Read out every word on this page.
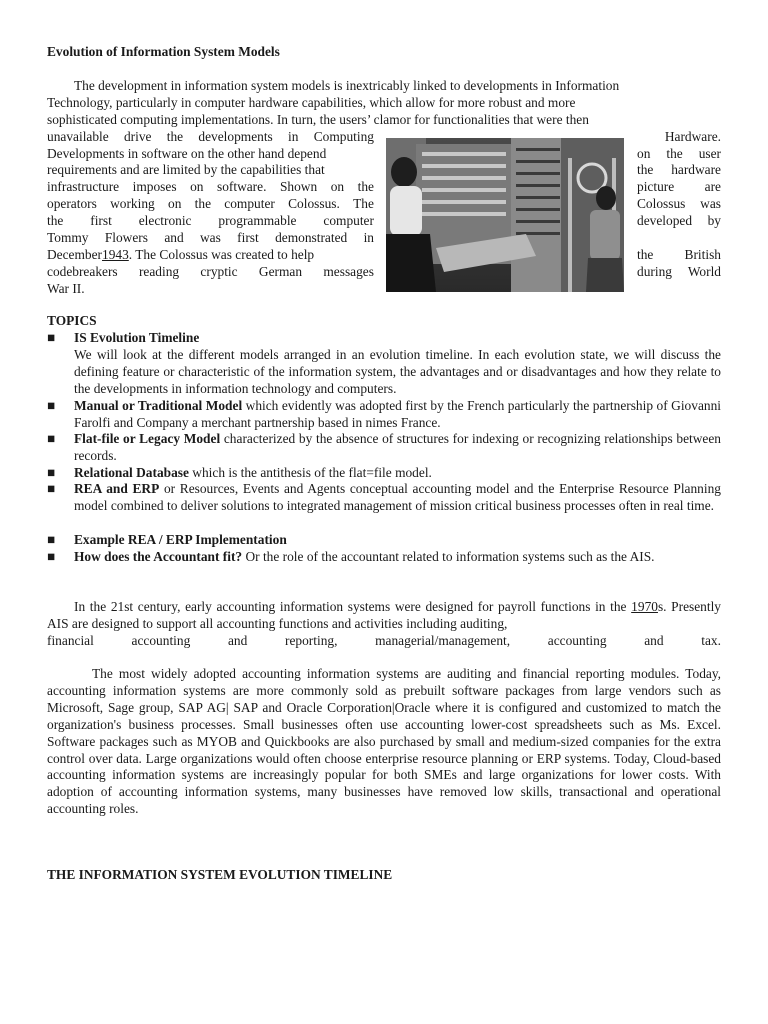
Evolution of Information System Models

The development in information system models is inextricably linked to developments in Information

Technology, particularly in computer hardware capabilities, which allow for more robust and more

sophisticated computing implementations. In turn, the users’ clamor for functionalities that were then

unavailable drive the developments in Computing
Developments in software on the other hand depend
requirements and are limited by the capabilities that
infrastructure imposes on software. Shown on the
operators working on the computer Colossus. The
the first electronic programmable computer
Tommy Flowers and was first demonstrated in
December 1943 . The Colossus was created to help
codebreakers reading cryptic German messages
War II.
Hardware.
on the user
the hardware
picture are
Colossus was
developed by
the British
during World
TOPICS
■ IS Evolution Timeline
We will look at the different models arranged in an evolution timeline. In each evolution state, we will discuss the defining feature or characteristic of the information system, the advantages and or disadvantages and how they relate to the developments in information technology and computers.
■ Manual or Traditional Model which evidently was adopted first by the French particularly the partnership of Giovanni Farolfi and Company a merchant partnership based in nimes France.
■ Flat-file or Legacy Model characterized by the absence of structures for indexing or recognizing relationships between records.
■ Relational Database which is the antithesis of the flat=file model.
■ REA and ERP or Resources, Events and Agents conceptual accounting model and the Enterprise Resource Planning model combined to deliver solutions to integrated management of mission critical business processes often in real time.
■ Example REA / ERP Implementation
■ How does the Accountant fit? Or the role of the accountant related to information systems such as the AIS.

In the 21st century, early accounting information systems were designed for payroll functions in the 1970s. Presently AIS are designed to support all accounting functions and activities including auditing,

financial	accounting	and	reporting,	managerial/management,	accounting	and	tax.

The most widely adopted accounting information systems are auditing and financial reporting modules. Today, accounting information systems are more commonly sold as prebuilt software packages from large vendors such as Microsoft, Sage group, SAP AG| SAP and Oracle Corporation|Oracle where it is configured and customized to match the organization's business processes. Small businesses often use accounting lower-cost spreadsheets such as Ms. Excel. Software packages such as MYOB and Quickbooks are also purchased by small and medium-sized companies for the extra control over data. Large organizations would often choose enterprise resource planning or ERP systems. Today, Cloud-based accounting information systems are increasingly popular for both SMEs and large organizations for lower costs. With adoption of accounting information systems, many businesses have removed low skills, transactional and operational accounting roles.

THE INFORMATION SYSTEM EVOLUTION TIMELINE
